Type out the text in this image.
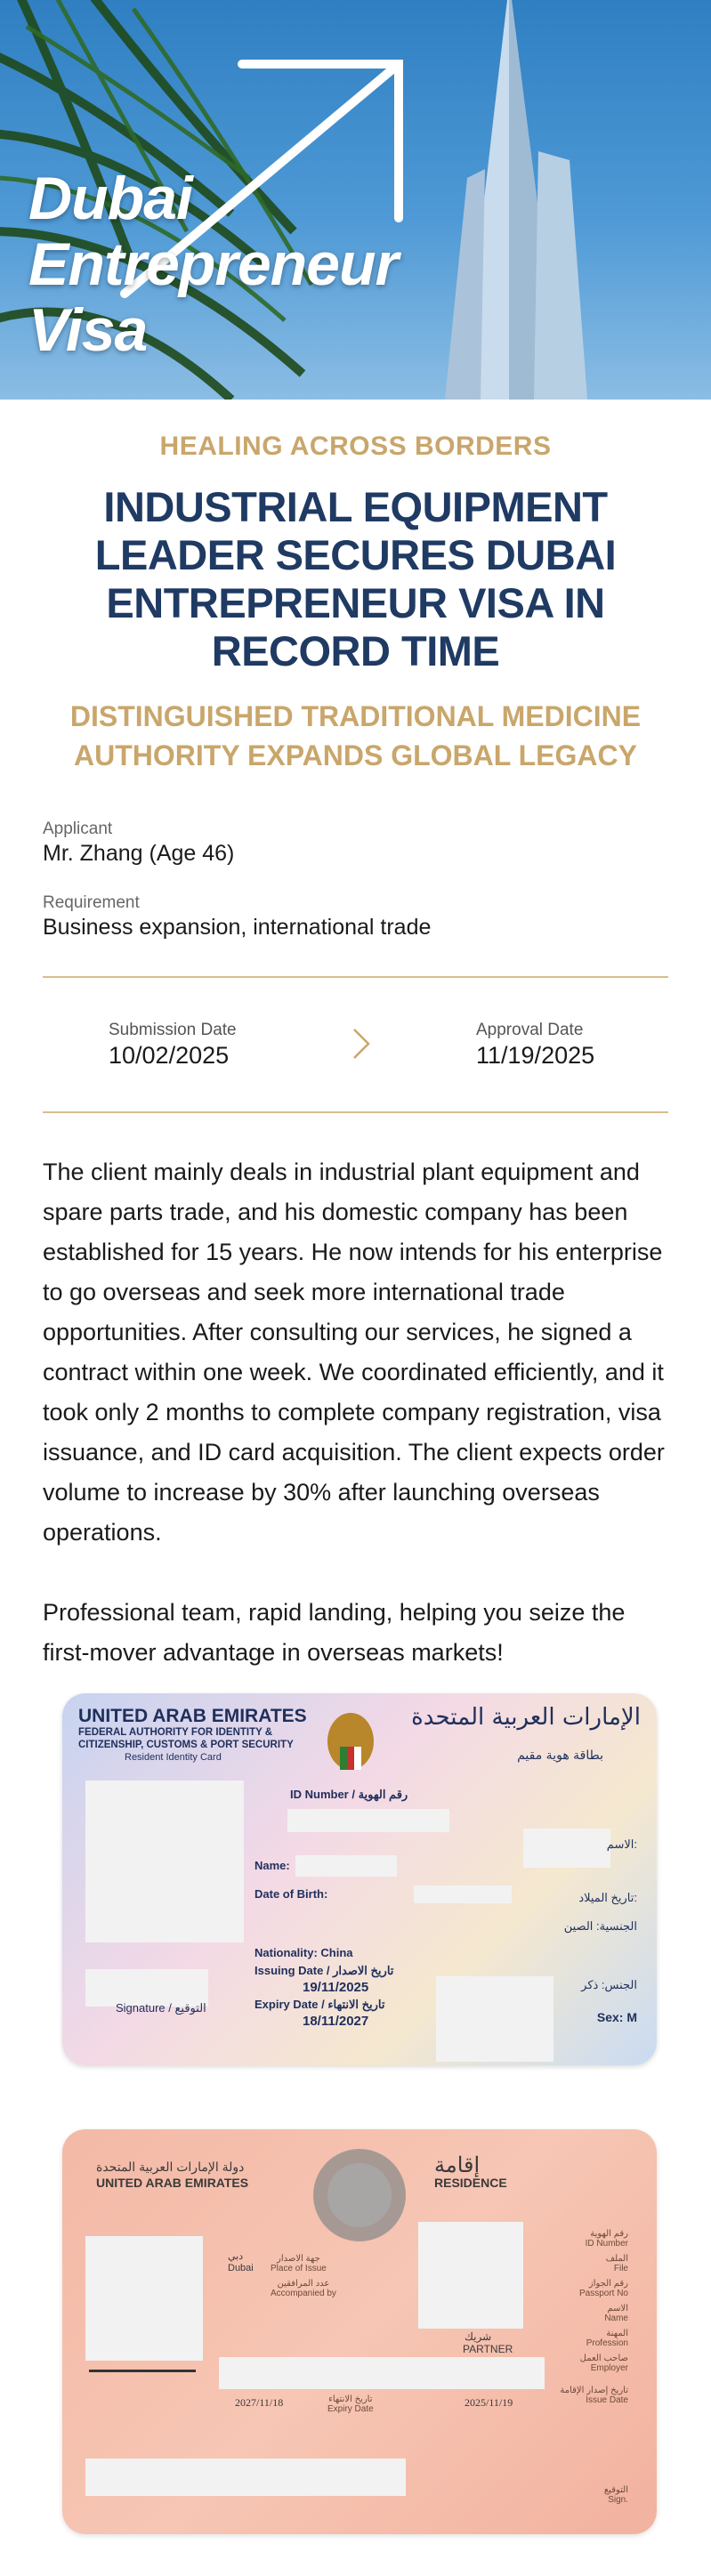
Dubai
Entrepreneur
Visa
HEALING ACROSS BORDERS
INDUSTRIAL EQUIPMENT LEADER SECURES DUBAI ENTREPRENEUR VISA IN RECORD TIME
DISTINGUISHED TRADITIONAL MEDICINE AUTHORITY EXPANDS GLOBAL LEGACY
Applicant
Mr. Zhang (Age 46)
Requirement
Business expansion, international trade
Submission Date
10/02/2025
Approval Date
11/19/2025
The client mainly deals in industrial plant equipment and spare parts trade, and his domestic company has been established for 15 years. He now intends for his enterprise to go overseas and seek more international trade opportunities. After consulting our services, he signed a contract within one week. We coordinated efficiently, and it took only 2 months to complete company registration, visa issuance, and ID card acquisition. The client expects order volume to increase by 30% after launching overseas operations.
Professional team, rapid landing, helping you seize the first-mover advantage in overseas markets!
UNITED ARAB EMIRATES
FEDERAL AUTHORITY FOR IDENTITY &
CITIZENSHIP, CUSTOMS & PORT SECURITY
Resident Identity Card
الإمارات العربية المتحدة
بطاقة هوية مقيم
ID Number / رقم الهوية
Name:
الاسم:
Date of Birth:	تاريخ الميلاد:
Nationality: China
الجنسية: الصين
Issuing Date / تاريخ الاصدار
19/11/2025
Expiry Date / تاريخ الانتهاء
18/11/2027
Signature / التوقيع
الجنس: ذكر
Sex: M
دولة الإمارات العربية المتحدة
UNITED ARAB EMIRATES
إقامة
RESIDENCE
رقم الهوية
ID Number
الملف
File
رقم الجواز
Passport No
الاسم
Name
المهنة
Profession
صاحب العمل
Employer
تاريخ إصدار الإقامة
Issue Date
التوقيع
Sign.
جهة الاصدار
Place of Issue
دبي
Dubai
عدد المرافقين
Accompanied by
شريك
PARTNER
2027/11/18	تاريخ الانتهاء
Expiry Date
2025/11/19
